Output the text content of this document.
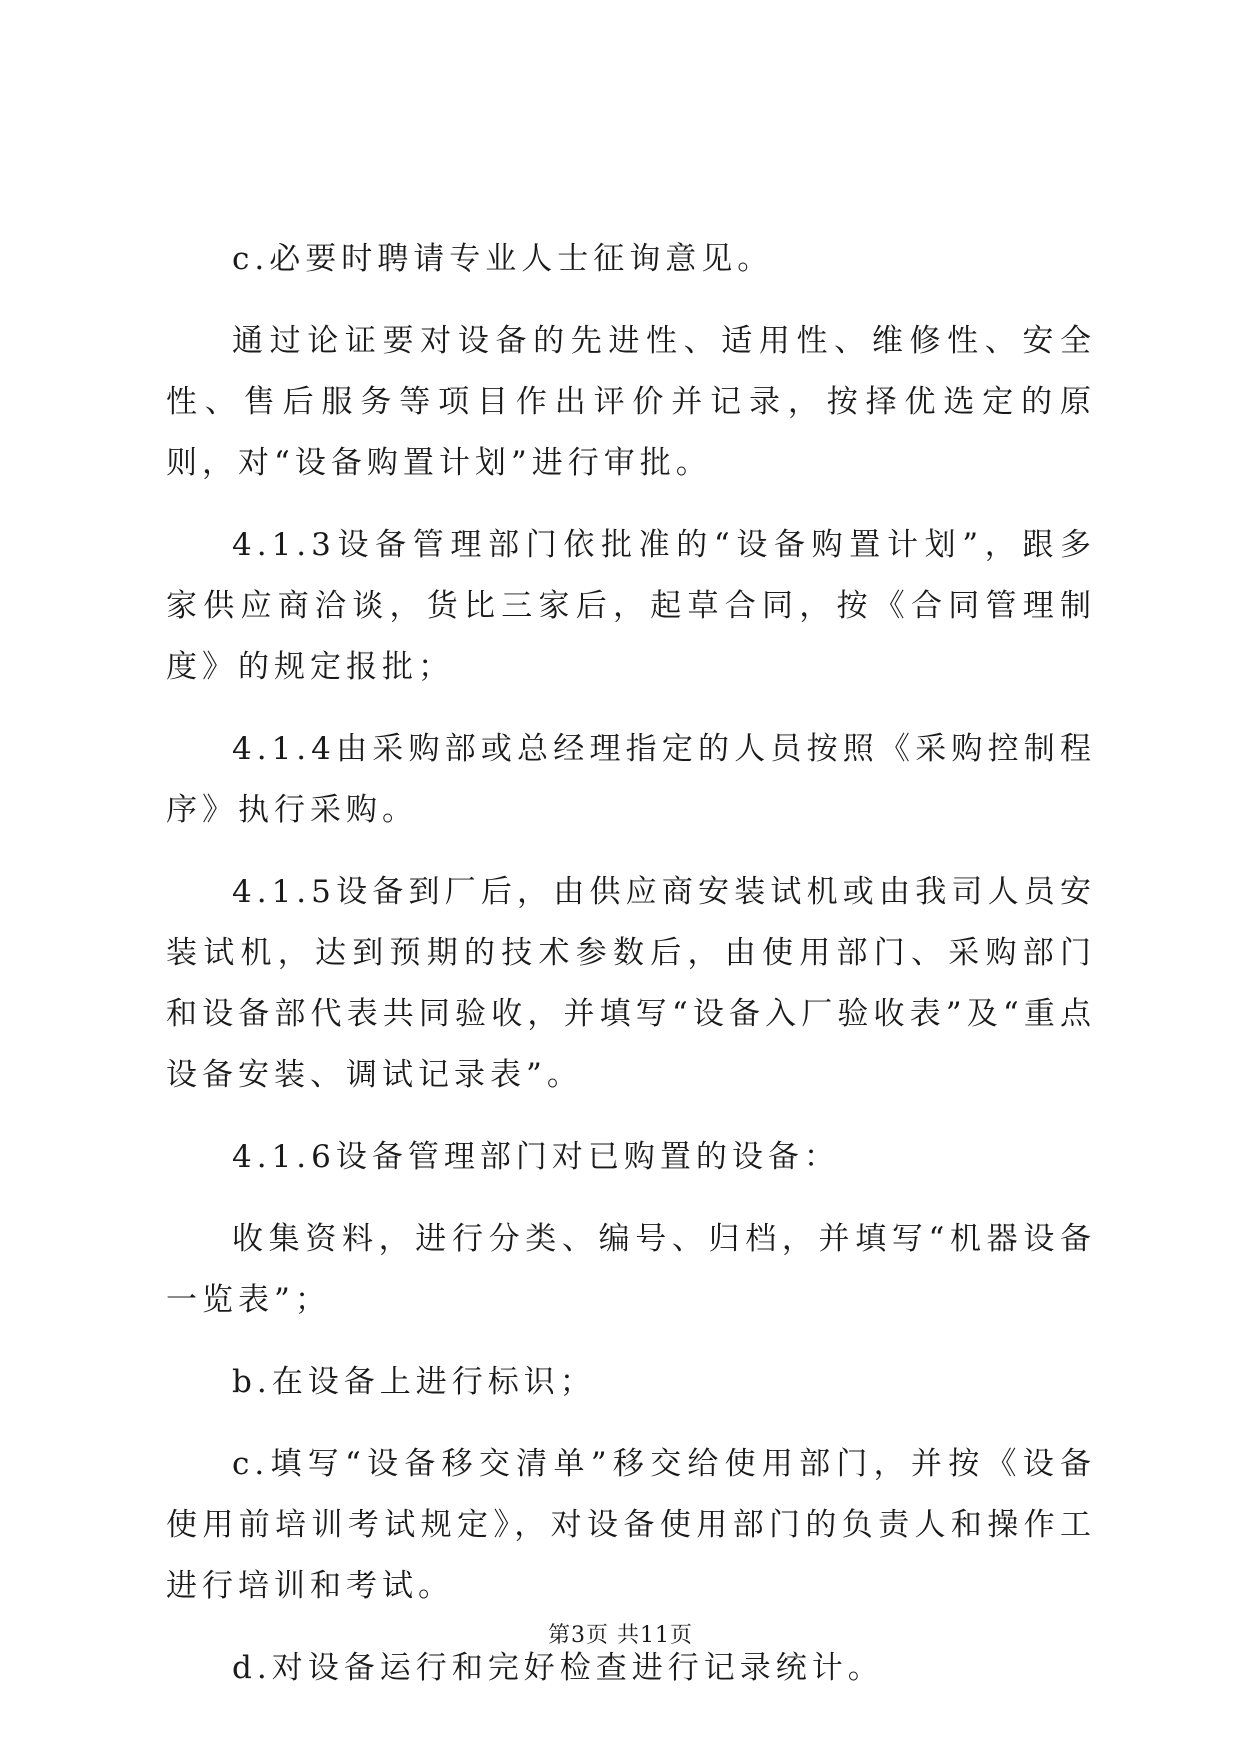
c.必要时聘请专业人士征询意见。

通过论证要对设备的先进性、适用性、维修性、安全性、售后服务等项目作出评价并记录，按择优选定的原则，对“设备购置计划”进行审批。

4.1.3设备管理部门依批准的“设备购置计划”，跟多家供应商洽谈，货比三家后，起草合同，按《合同管理制度》的规定报批；

4.1.4由采购部或总经理指定的人员按照《采购控制程序》执行采购。

4.1.5设备到厂后，由供应商安装试机或由我司人员安装试机，达到预期的技术参数后，由使用部门、采购部门和设备部代表共同验收，并填写“设备入厂验收表”及“重点设备安装、调试记录表”。

4.1.6设备管理部门对已购置的设备：

收集资料，进行分类、编号、归档，并填写“机器设备一览表”；

b.在设备上进行标识；

c.填写“设备移交清单”移交给使用部门，并按《设备使用前培训考试规定》，对设备使用部门的负责人和操作工进行培训和考试。

d.对设备运行和完好检查进行记录统计。

第3页 共11页
